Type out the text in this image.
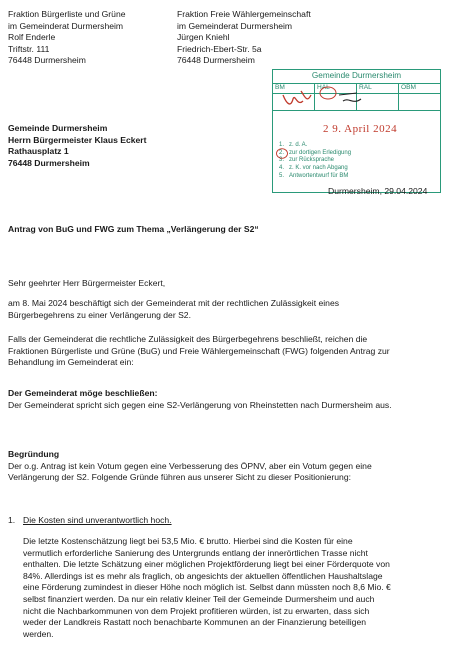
Fraktion Bürgerliste und Grüne
im Gemeinderat Durmersheim
Rolf Enderle
Triftstr. 111
76448 Durmersheim
Fraktion Freie Wählergemeinschaft
im Gemeinderat Durmersheim
Jürgen Kniehl
Friedrich-Ebert-Str. 5a
76448 Durmersheim
Gemeinde Durmersheim
BM	HAL	RAL	OBM
2 9. April 2024
1. z. d. A.
2. zur dortigen Erledigung
3. zur Rücksprache
4. z. K. vor nach Abgang
5. Antwortentwurf für BM
Gemeinde Durmersheim
Herrn Bürgermeister Klaus Eckert
Rathausplatz 1
76448 Durmersheim
Durmersheim, 29.04.2024
Antrag von BuG und FWG zum Thema „Verlängerung der S2“
Sehr geehrter Herr Bürgermeister Eckert,
am 8. Mai 2024 beschäftigt sich der Gemeinderat mit der rechtlichen Zulässigkeit eines
Bürgerbegehrens zu einer Verlängerung der S2.
Falls der Gemeinderat die rechtliche Zulässigkeit des Bürgerbegehrens beschließt, reichen die
Fraktionen Bürgerliste und Grüne (BuG) und Freie Wählergemeinschaft (FWG) folgenden Antrag zur
Behandlung im Gemeinderat ein:
Der Gemeinderat möge beschließen:
Der Gemeinderat spricht sich gegen eine S2-Verlängerung von Rheinstetten nach Durmersheim aus.
Begründung
Der o.g. Antrag ist kein Votum gegen eine Verbesserung des ÖPNV, aber ein Votum gegen eine
Verlängerung der S2. Folgende Gründe führen aus unserer Sicht zu dieser Positionierung:
1. Die Kosten sind unverantwortlich hoch.
Die letzte Kostenschätzung liegt bei 53,5 Mio. € brutto. Hierbei sind die Kosten für eine
vermutlich erforderliche Sanierung des Untergrunds entlang der innerörtlichen Trasse nicht
enthalten. Die letzte Schätzung einer möglichen Projektförderung liegt bei einer Förderquote von
84%. Allerdings ist es mehr als fraglich, ob angesichts der aktuellen öffentlichen Haushaltslage
eine Förderung zumindest in dieser Höhe noch möglich ist. Selbst dann müssten noch 8,6 Mio. €
selbst finanziert werden. Da nur ein relativ kleiner Teil der Gemeinde Durmersheim und auch
nicht die Nachbarkommunen von dem Projekt profitieren würden, ist zu erwarten, dass sich
weder der Landkreis Rastatt noch benachbarte Kommunen an der Finanzierung beteiligen
werden.
